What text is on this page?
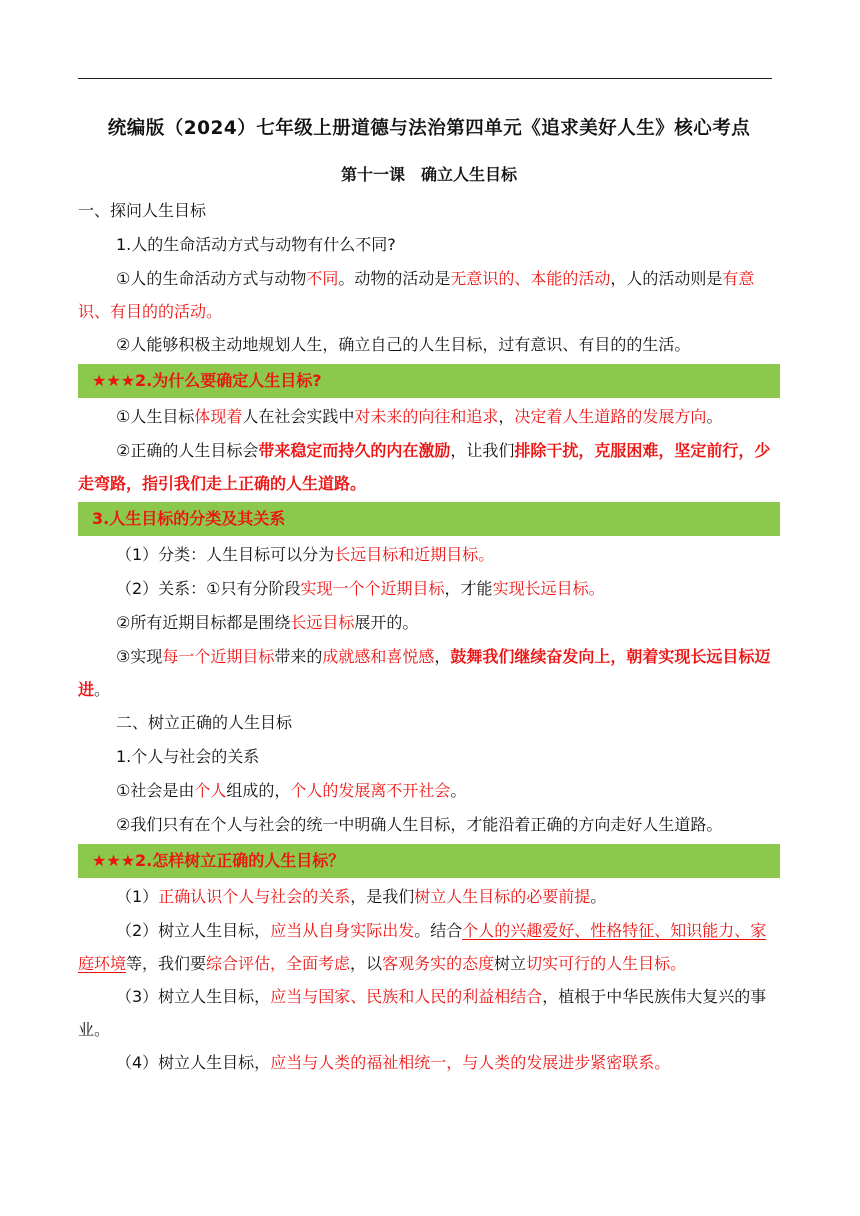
统编版（2024）七年级上册道德与法治第四单元《追求美好人生》核心考点

第十一课　确立人生目标

一、探问人生目标

1.人的生命活动方式与动物有什么不同?

①人的生命活动方式与动物不同。动物的活动是无意识的、本能的活动，人的活动则是有意识、有目的的活动。

②人能够积极主动地规划人生，确立自己的人生目标，过有意识、有目的的生活。

★★★2.为什么要确定人生目标?

①人生目标体现着人在社会实践中对未来的向往和追求，决定着人生道路的发展方向。

②正确的人生目标会带来稳定而持久的内在激励，让我们排除干扰，克服困难，坚定前行，少走弯路，指引我们走上正确的人生道路。

3.人生目标的分类及其关系

（1）分类：人生目标可以分为长远目标和近期目标。

（2）关系：①只有分阶段实现一个个近期目标，才能实现长远目标。

②所有近期目标都是围绕长远目标展开的。

③实现每一个近期目标带来的成就感和喜悦感，鼓舞我们继续奋发向上，朝着实现长远目标迈进。

二、树立正确的人生目标

1.个人与社会的关系

①社会是由个人组成的，个人的发展离不开社会。

②我们只有在个人与社会的统一中明确人生目标，才能沿着正确的方向走好人生道路。

★★★2.怎样树立正确的人生目标？

（1）正确认识个人与社会的关系，是我们树立人生目标的必要前提。

（2）树立人生目标，应当从自身实际出发。结合个人的兴趣爱好、性格特征、知识能力、家庭环境等，我们要综合评估，全面考虑，以客观务实的态度树立切实可行的人生目标。

（3）树立人生目标，应当与国家、民族和人民的利益相结合，植根于中华民族伟大复兴的事业。

（4）树立人生目标，应当与人类的福祉相统一，与人类的发展进步紧密联系。
